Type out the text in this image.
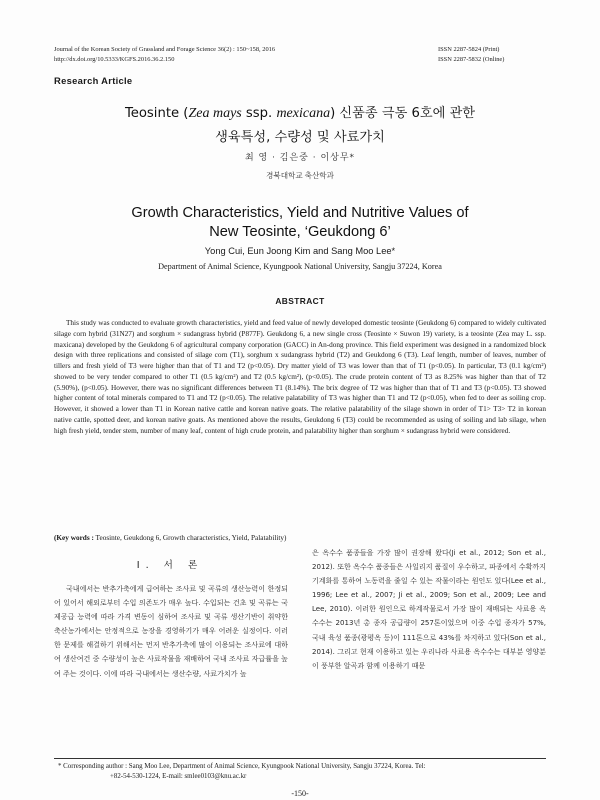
Journal of the Korean Society of Grassland and Forage Science 36(2) : 150~158, 2016
http://dx.doi.org/10.5333/KGFS.2016.36.2.150
ISSN 2287-5824 (Print)
ISSN 2287-5832 (Online)
Research Article
Teosinte (Zea mays ssp. mexicana) 신품종 극동 6호에 관한
생육특성, 수량성 및 사료가치
최 영 · 김은중 · 이상무*
경북대학교 축산학과
Growth Characteristics, Yield and Nutritive Values of
New Teosinte, ‘Geukdong 6’
Yong Cui, Eun Joong Kim and Sang Moo Lee*
Department of Animal Science, Kyungpook National University, Sangju 37224, Korea
ABSTRACT

This study was conducted to evaluate growth characteristics, yield and feed value of newly developed domestic teosinte (Geukdong 6) compared to widely cultivated silage corn hybrid (31N27) and sorghum × sudangrass hybrid (P877F). Geukdong 6, a new single cross (Teosinte × Suwon 19) variety, is a teosinte (Zea may L. ssp. maxicana) developed by the Geukdong 6 of agricultural company corporation (GACC) in An-dong province. This field experiment was designed in a randomized block design with three replications and consisted of silage corn (T1), sorghum x sudangrass hybrid (T2) and Geukdong 6 (T3). Leaf length, number of leaves, number of tillers and fresh yield of T3 were higher than that of T1 and T2 (p<0.05). Dry matter yield of T3 was lower than that of T1 (p<0.05). In particular, T3 (0.1 kg/cm²) showed to be very tender compared to other T1 (0.5 kg/cm²) and T2 (0.5 kg/cm²), (p<0.05). The crude protein content of T3 as 8.25% was higher than that of T2 (5.90%), (p<0.05). However, there was no significant differences between T1 (8.14%). The brix degree of T2 was higher than that of T1 and T3 (p<0.05). T3 showed higher content of total minerals compared to T1 and T2 (p<0.05). The relative palatability of T3 was higher than T1 and T2 (p<0.05), when fed to deer as soiling crop. However, it showed a lower than T1 in Korean native cattle and korean native goats. The relative palatability of the silage shown in order of T1> T3> T2 in korean native cattle, spotted deer, and korean native goats. As mentioned above the results, Geukdong 6 (T3) could be recommended as using of soiling and lab silage, when high fresh yield, tender stem, number of many leaf, content of high crude protein, and palatability higher than sorghum × sudangrass hybrid were considered.

(Key words : Teosinte, Geukdong 6, Growth characteristics, Yield, Palatability)
Ⅰ. 서 론

국내에서는 반추가축에게 급여하는 조사료 및 곡류의 생산능력이 한정되어 있어서 해외로부터 수입 의존도가 매우 높다. 수입되는 건초 및 곡류는 국제공급 능력에 따라 가격 변동이 심하여 조사료 및 곡류 생산기반이 취약한 축산농가에서는 안정적으로 농장을 경영하기가 매우 어려운 실정이다. 이러한 문제를 해결하기 위해서는 먼저 반추가축에 많이 이용되는 조사료에 대하여 생산여건 중 수량성이 높은 사료작물을 재배하여 국내 조사료 자급률을 높여 주는 것이다. 이에 따라 국내에서는 생산수량, 사료가치가 높

은 옥수수 품종들을 가장 많이 권장해 왔다(Ji et al., 2012; Son et al., 2012). 또한 옥수수 품종들은 사일리지 품질이 우수하고, 파종에서 수확까지 기계화를 통하여 노동력을 줄일 수 있는 작물이라는 원인도 있다(Lee et al., 1996; Lee et al., 2007; Ji et al., 2009; Son et al., 2009; Lee and Lee, 2010). 이러한 원인으로 하계작물로서 가장 많이 재배되는 사료용 옥수수는 2013년 총 종자 공급량이 257톤이었으며 이중 수입 종자가 57%, 국내 육성 품종(광평옥 등)이 111톤으로 43%를 차지하고 있다(Son et al., 2014). 그리고 현재 이용하고 있는 우리나라 사료용 옥수수는 대부분 영양분이 풍부한 알곡과 함께 이용하기 때문

* Corresponding author : Sang Moo Lee, Department of Animal Science, Kyungpook National University, Sangju 37224, Korea. Tel:
+82-54-530-1224, E-mail: smlee0103@knu.ac.kr
-150-
